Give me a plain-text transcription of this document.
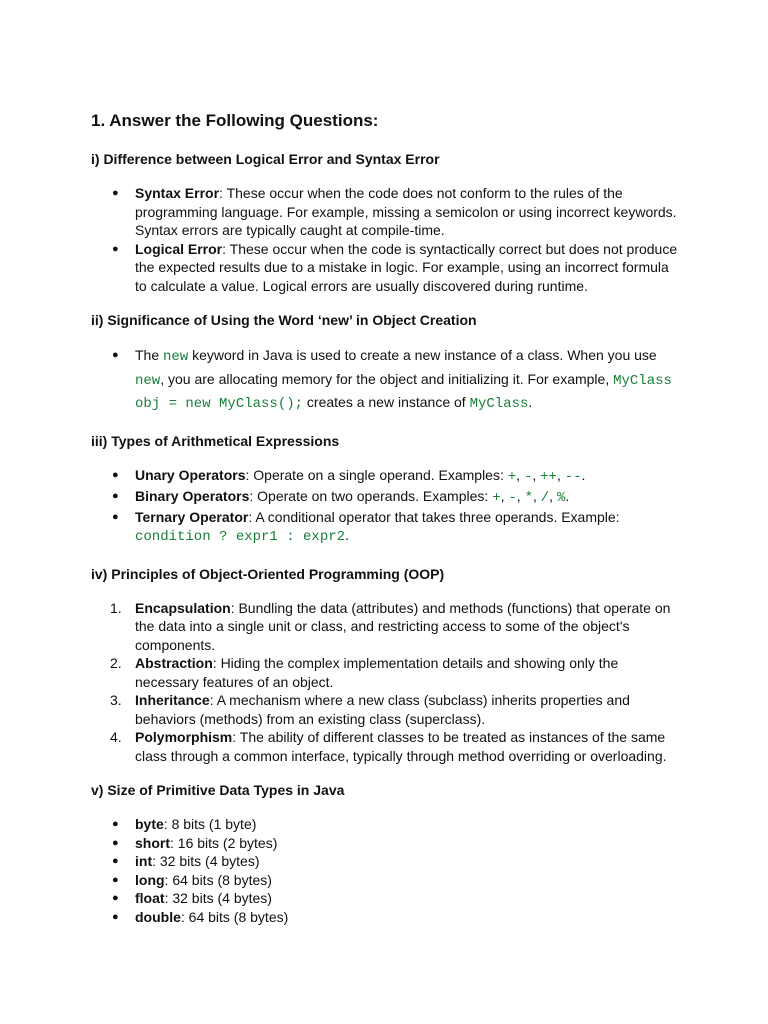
1. Answer the Following Questions:
i) Difference between Logical Error and Syntax Error
● Syntax Error: These occur when the code does not conform to the rules of the programming language. For example, missing a semicolon or using incorrect keywords. Syntax errors are typically caught at compile-time.
● Logical Error: These occur when the code is syntactically correct but does not produce the expected results due to a mistake in logic. For example, using an incorrect formula to calculate a value. Logical errors are usually discovered during runtime.
ii) Significance of Using the Word ‘new’ in Object Creation
● The new keyword in Java is used to create a new instance of a class. When you use new, you are allocating memory for the object and initializing it. For example, MyClass obj = new MyClass(); creates a new instance of MyClass.
iii) Types of Arithmetical Expressions
● Unary Operators: Operate on a single operand. Examples: +, -, ++, --.
● Binary Operators: Operate on two operands. Examples: +, -, *, /, %.
● Ternary Operator: A conditional operator that takes three operands. Example:
condition ? expr1 : expr2.
iv) Principles of Object-Oriented Programming (OOP)
1. Encapsulation: Bundling the data (attributes) and methods (functions) that operate on the data into a single unit or class, and restricting access to some of the object's components.
2. Abstraction: Hiding the complex implementation details and showing only the necessary features of an object.
3. Inheritance: A mechanism where a new class (subclass) inherits properties and behaviors (methods) from an existing class (superclass).
4. Polymorphism: The ability of different classes to be treated as instances of the same class through a common interface, typically through method overriding or overloading.
v) Size of Primitive Data Types in Java
● byte: 8 bits (1 byte)
● short: 16 bits (2 bytes)
● int: 32 bits (4 bytes)
● long: 64 bits (8 bytes)
● float: 32 bits (4 bytes)
● double: 64 bits (8 bytes)
